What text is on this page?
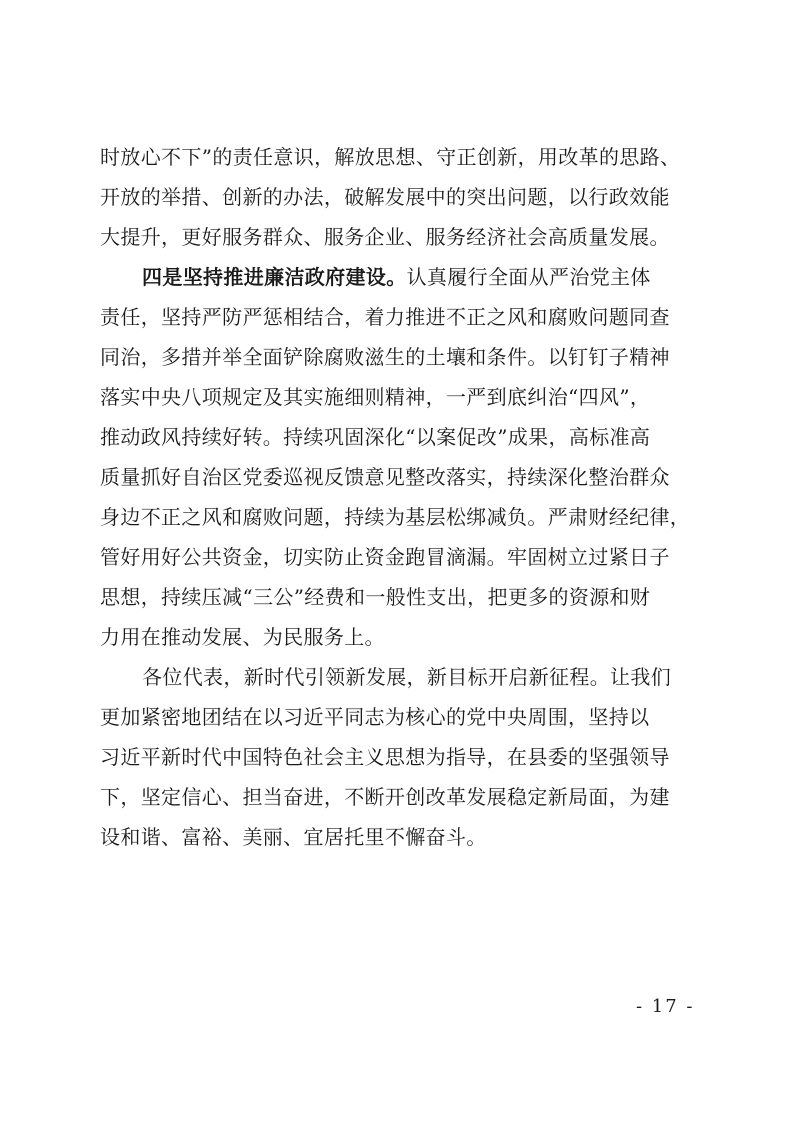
时放心不下”的责任意识，解放思想、守正创新，用改革的思路、
开放的举措、创新的办法，破解发展中的突出问题，以行政效能
大提升，更好服务群众、服务企业、服务经济社会高质量发展。
四是坚持推进廉洁政府建设。认真履行全面从严治党主体
责任，坚持严防严惩相结合，着力推进不正之风和腐败问题同查
同治，多措并举全面铲除腐败滋生的土壤和条件。以钉钉子精神
落实中央八项规定及其实施细则精神，一严到底纠治“四风”，
推动政风持续好转。持续巩固深化“以案促改”成果，高标准高
质量抓好自治区党委巡视反馈意见整改落实，持续深化整治群众
身边不正之风和腐败问题，持续为基层松绑减负。严肃财经纪律，
管好用好公共资金，切实防止资金跑冒滴漏。牢固树立过紧日子
思想，持续压减“三公”经费和一般性支出，把更多的资源和财
力用在推动发展、为民服务上。
各位代表，新时代引领新发展，新目标开启新征程。让我们
更加紧密地团结在以习近平同志为核心的党中央周围，坚持以
习近平新时代中国特色社会主义思想为指导，在县委的坚强领导
下，坚定信心、担当奋进，不断开创改革发展稳定新局面，为建
设和谐、富裕、美丽、宜居托里不懈奋斗。
- 17 -
